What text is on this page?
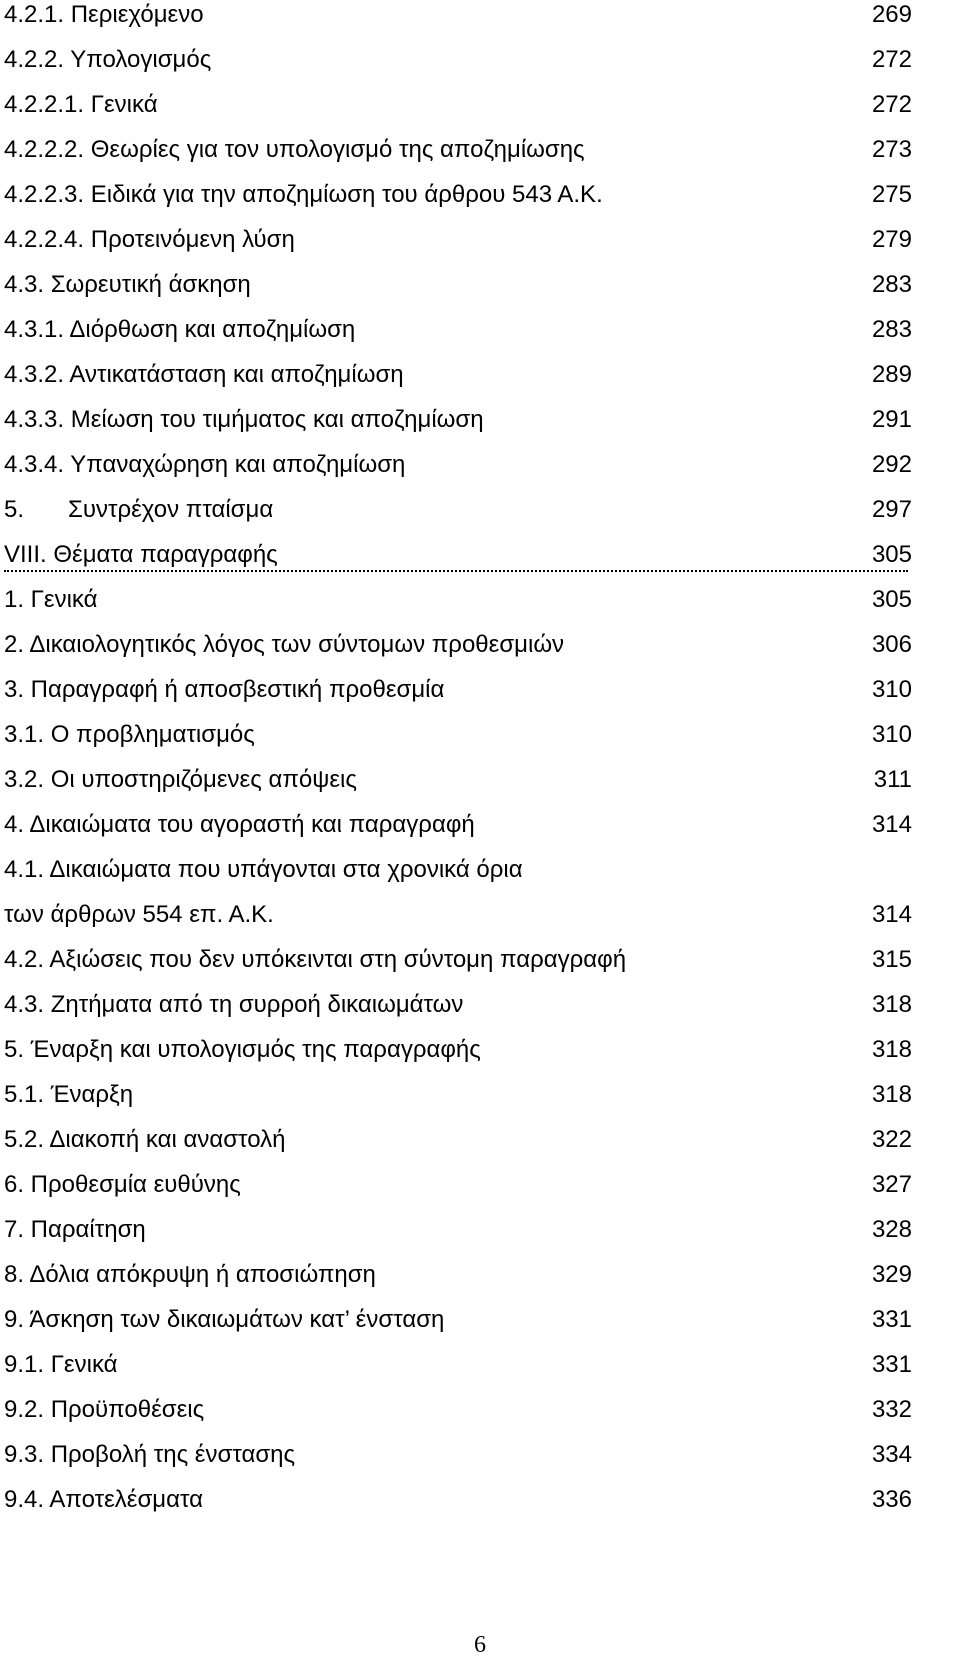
4.2.1. Περιεχόμενο	269
4.2.2. Υπολογισμός	272
4.2.2.1. Γενικά	272
4.2.2.2. Θεωρίες για τον υπολογισμό της αποζημίωσης	273
4.2.2.3. Ειδικά για την αποζημίωση του άρθρου 543 Α.Κ.	275
4.2.2.4. Προτεινόμενη λύση	279
4.3. Σωρευτική άσκηση	283
4.3.1. Διόρθωση και αποζημίωση	283
4.3.2. Αντικατάσταση και αποζημίωση	289
4.3.3. Μείωση του τιμήματος και αποζημίωση	291
4.3.4. Υπαναχώρηση και αποζημίωση	292
5. Συντρέχον πταίσμα	297
VIII. Θέματα παραγραφής	305
1. Γενικά	305
2. Δικαιολογητικός λόγος των σύντομων προθεσμιών	306
3. Παραγραφή ή αποσβεστική προθεσμία	310
3.1. Ο προβληματισμός	310
3.2. Οι υποστηριζόμενες απόψεις	311
4. Δικαιώματα του αγοραστή και παραγραφή	314
4.1. Δικαιώματα που υπάγονται στα χρονικά όρια
των άρθρων 554 επ. Α.Κ.	314
4.2. Αξιώσεις που δεν υπόκεινται στη σύντομη παραγραφή	315
4.3. Ζητήματα από τη συρροή δικαιωμάτων	318
5. Έναρξη και υπολογισμός της παραγραφής	318
5.1. Έναρξη	318
5.2. Διακοπή και αναστολή	322
6. Προθεσμία ευθύνης	327
7. Παραίτηση	328
8. Δόλια απόκρυψη ή αποσιώπηση	329
9. Άσκηση των δικαιωμάτων κατ’ ένσταση	331
9.1. Γενικά	331
9.2. Προϋποθέσεις	332
9.3. Προβολή της ένστασης	334
9.4. Αποτελέσματα	336
6
